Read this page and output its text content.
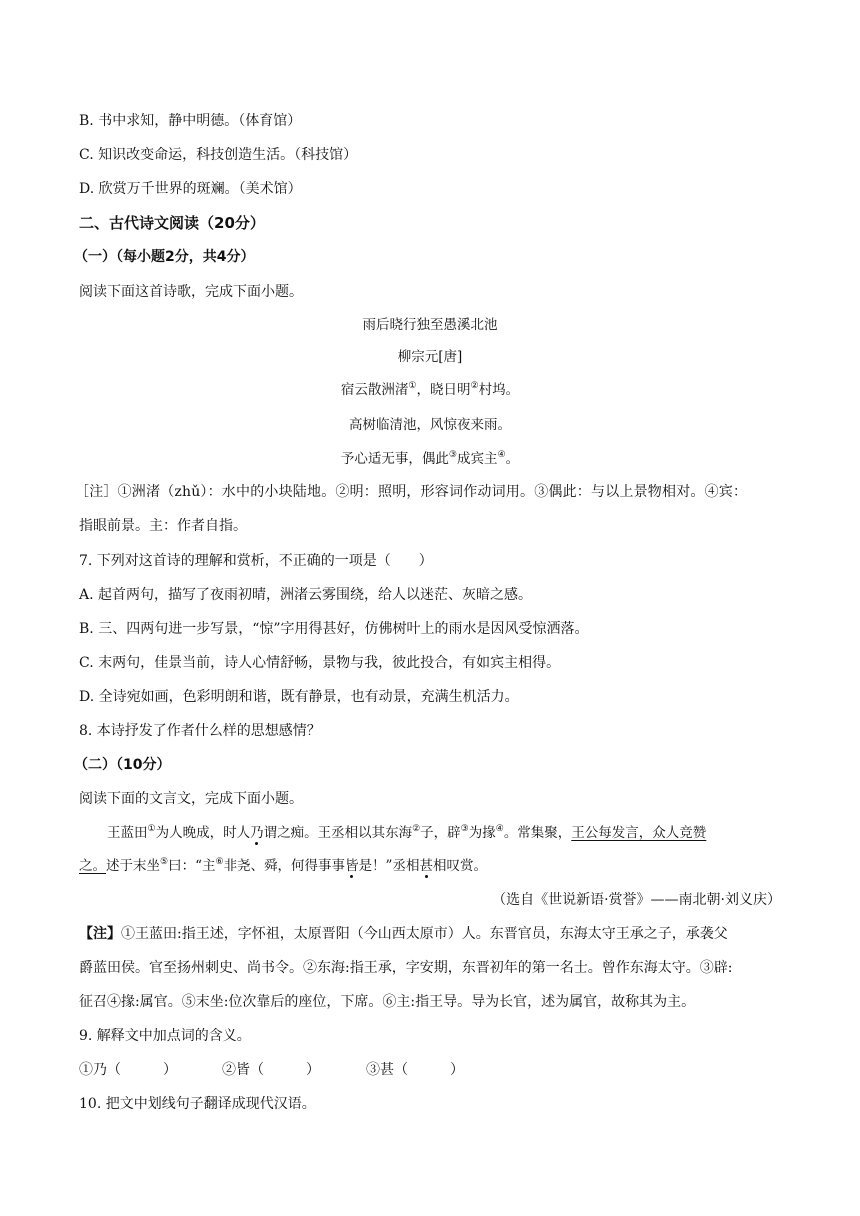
B. 书中求知，静中明德。（体育馆）
C. 知识改变命运，科技创造生活。（科技馆）
D. 欣赏万千世界的斑斓。（美术馆）
二、古代诗文阅读（20分）
（一）（每小题2分，共4分）
阅读下面这首诗歌，完成下面小题。
雨后晓行独至愚溪北池
柳宗元[唐]
宿云散洲渚①，晓日明②村坞。
高树临清池，风惊夜来雨。
予心适无事，偶此③成宾主④。
［注］①洲渚（zhǔ）：水中的小块陆地。②明：照明，形容词作动词用。③偶此：与以上景物相对。④宾：
指眼前景。主：作者自指。
7. 下列对这首诗的理解和赏析，不正确的一项是（　　）
A. 起首两句，描写了夜雨初晴，洲渚云雾围绕，给人以迷茫、灰暗之感。
B. 三、四两句进一步写景，“惊”字用得甚好，仿佛树叶上的雨水是因风受惊洒落。
C. 末两句，佳景当前，诗人心情舒畅，景物与我，彼此投合，有如宾主相得。
D. 全诗宛如画，色彩明朗和谐，既有静景，也有动景，充满生机活力。
8. 本诗抒发了作者什么样的思想感情？
（二）（10分）
阅读下面的文言文，完成下面小题。
王蓝田①为人晚成，时人乃谓之痴。王丞相以其东海②子，辟③为掾④。常集聚，王公每发言，众人竞赞
之。述于末坐⑤曰：“主⑥非尧、舜，何得事事皆是！”丞相甚相叹赏。
（选自《世说新语·赏誉》——南北朝·刘义庆）
【注】①王蓝田:指王述，字怀祖，太原晋阳（今山西太原市）人。东晋官员，东海太守王承之子，承袭父
爵蓝田侯。官至扬州刺史、尚书令。②东海:指王承，字安期，东晋初年的第一名士。曾作东海太守。③辟:
征召④掾:属官。⑤末坐:位次靠后的座位，下席。⑥主:指王导。导为长官，述为属官，故称其为主。
9. 解释文中加点词的含义。
①乃（　　　）	②皆（　　　）	③甚（　　　）
10. 把文中划线句子翻译成现代汉语。
